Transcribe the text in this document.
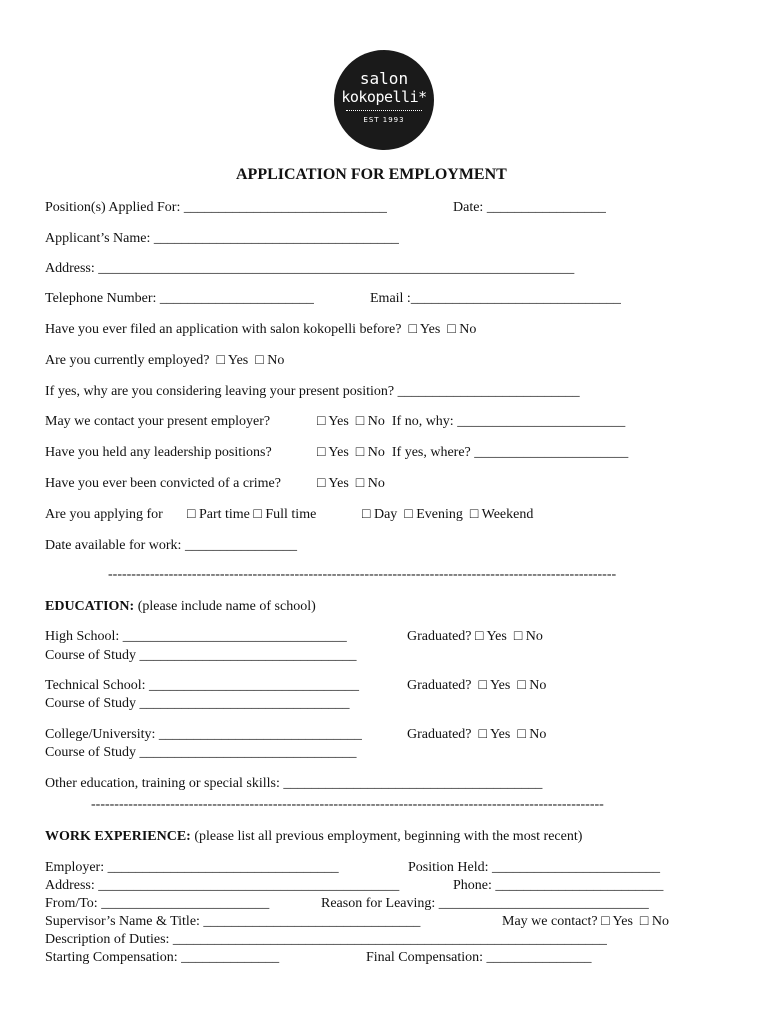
salon
kokopelli*
EST 1993
APPLICATION FOR EMPLOYMENT
Position(s) Applied For: _____________________________	Date: _________________
Applicant’s Name: ___________________________________
Address: ____________________________________________________________________
Telephone Number: ______________________	Email :______________________________
Have you ever filed an application with salon kokopelli before?  □ Yes  □ No
Are you currently employed?  □ Yes  □ No
If yes, why are you considering leaving your present position? __________________________
May we contact your present employer?	□ Yes  □ No  If no, why: ________________________
Have you held any leadership positions?	□ Yes  □ No  If yes, where? ______________________
Have you ever been convicted of a crime?	□ Yes  □ No
Are you applying for □ Part time □ Full time	□ Day  □ Evening  □ Weekend
Date available for work: ________________
-------------------------------------------------------------------------------------------------------------
EDUCATION: (please include name of school)
High School: ________________________________	Graduated? □ Yes  □ No
Course of Study _______________________________
Technical School: ______________________________	Graduated?  □ Yes  □ No
Course of Study ______________________________
College/University: _____________________________	Graduated?  □ Yes  □ No
Course of Study _______________________________
Other education, training or special skills: _____________________________________
--------------------------------------------------------------------------------------------------------------
WORK EXPERIENCE: (please list all previous employment, beginning with the most recent)
Employer: _________________________________	Position Held: ________________________
Address: ___________________________________________	Phone: ________________________
From/To: ________________________	Reason for Leaving: ______________________________
Supervisor’s Name & Title: _______________________________	May we contact? □ Yes  □ No
Description of Duties: ______________________________________________________________
Starting Compensation: ______________	Final Compensation: _______________
